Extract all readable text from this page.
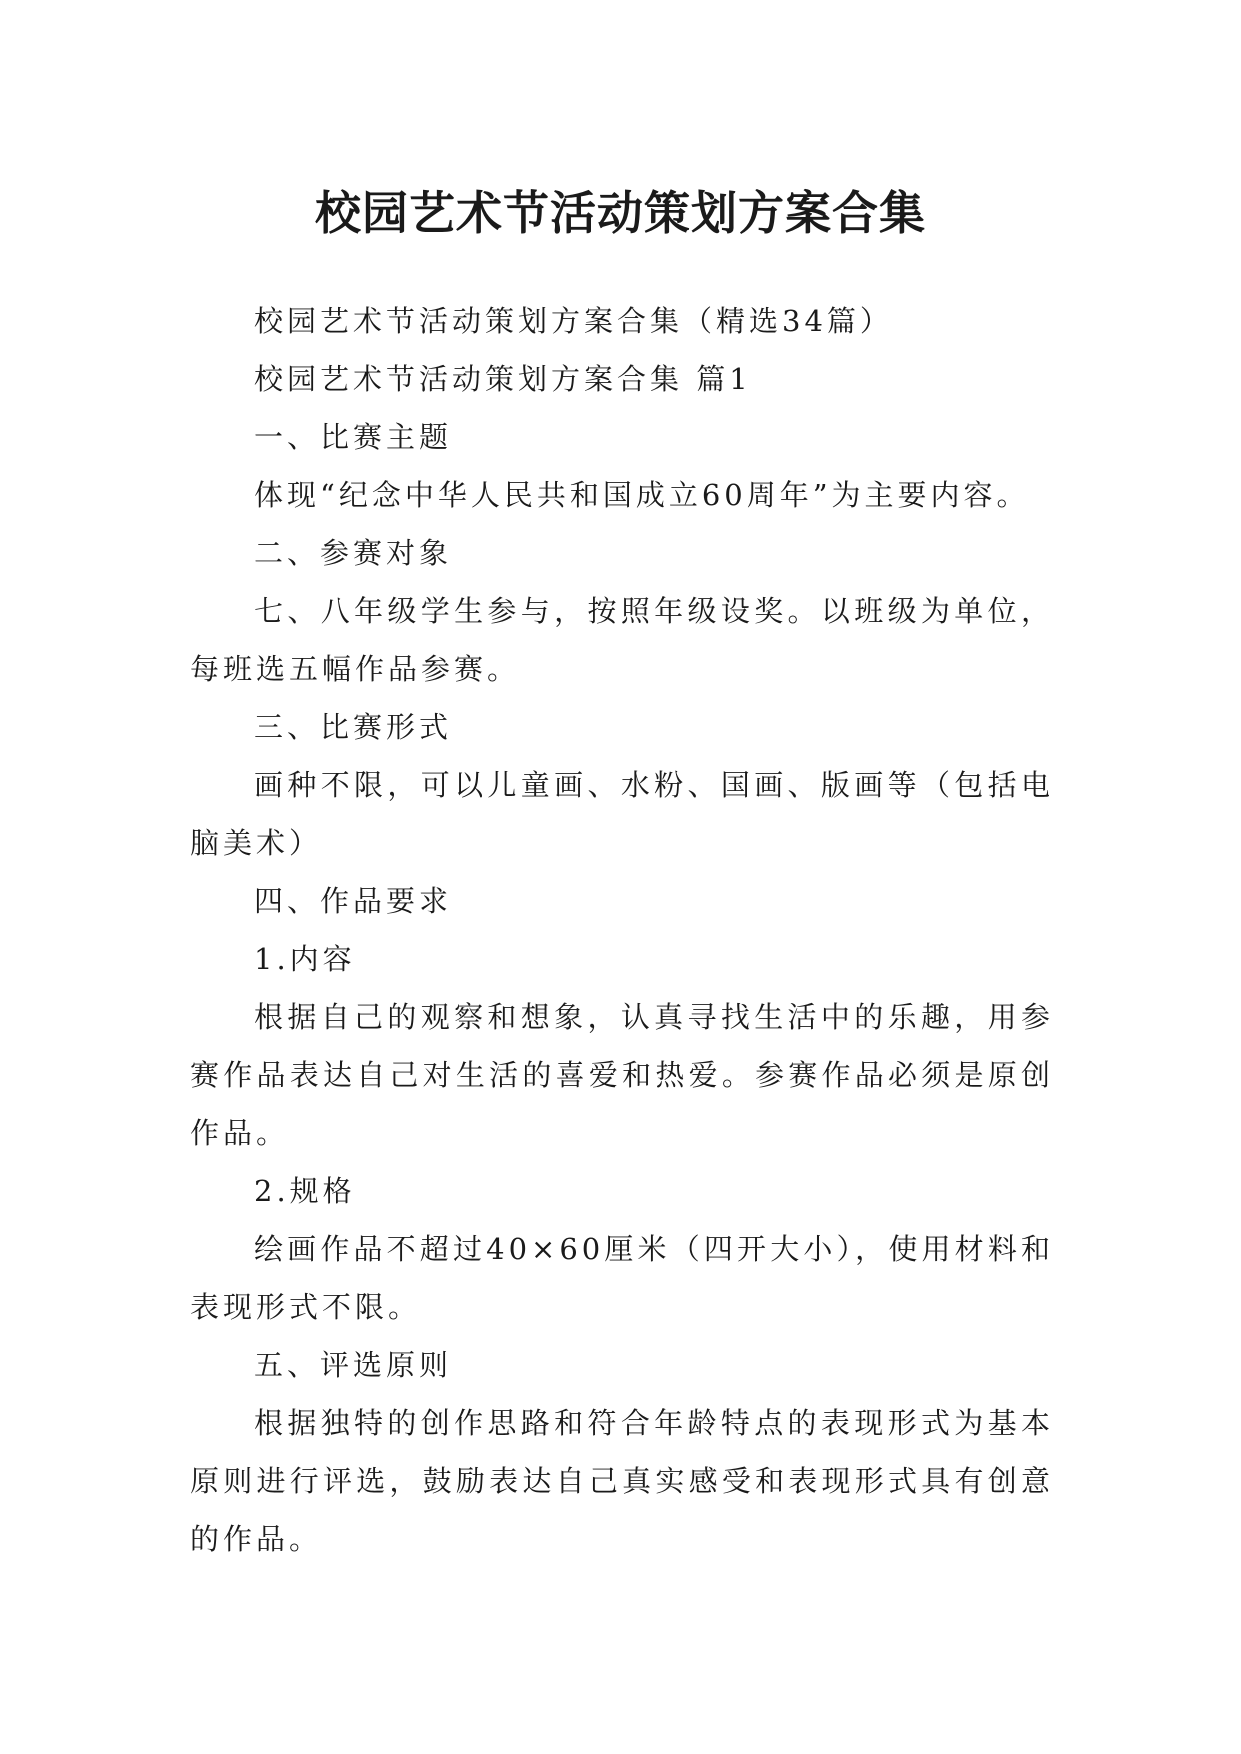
校园艺术节活动策划方案合集

校园艺术节活动策划方案合集（精选34篇）

校园艺术节活动策划方案合集 篇1

一、比赛主题

体现“纪念中华人民共和国成立60周年”为主要内容。

二、参赛对象

七、八年级学生参与，按照年级设奖。以班级为单位，每班选五幅作品参赛。

三、比赛形式

画种不限，可以儿童画、水粉、国画、版画等（包括电脑美术）

四、作品要求

1.内容

根据自己的观察和想象，认真寻找生活中的乐趣，用参赛作品表达自己对生活的喜爱和热爱。参赛作品必须是原创作品。

2.规格

绘画作品不超过40×60厘米（四开大小），使用材料和表现形式不限。

五、评选原则

根据独特的创作思路和符合年龄特点的表现形式为基本原则进行评选，鼓励表达自己真实感受和表现形式具有创意的作品。
